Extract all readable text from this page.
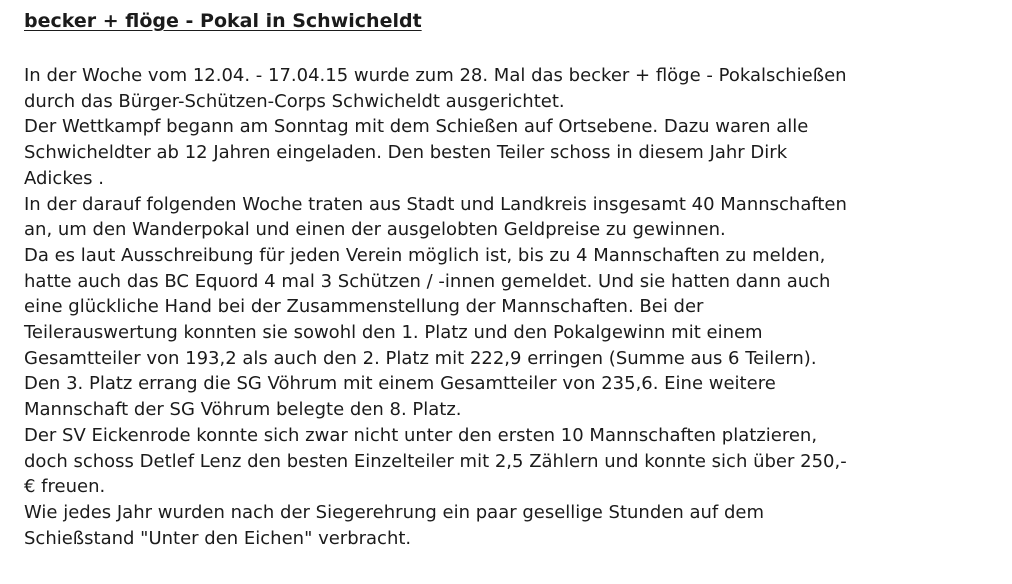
becker + flöge - Pokal in Schwicheldt
In der Woche vom 12.04. - 17.04.15 wurde zum 28. Mal das becker + flöge - Pokalschießen
durch das Bürger-Schützen-Corps Schwicheldt ausgerichtet.
Der Wettkampf begann am Sonntag mit dem Schießen auf Ortsebene. Dazu waren alle
Schwicheldter ab 12 Jahren eingeladen. Den besten Teiler schoss in diesem Jahr Dirk
Adickes .
In der darauf folgenden Woche traten aus Stadt und Landkreis insgesamt 40 Mannschaften
an, um den Wanderpokal und einen der ausgelobten Geldpreise zu gewinnen.
Da es laut Ausschreibung für jeden Verein möglich ist, bis zu 4 Mannschaften zu melden,
hatte auch das BC Equord 4 mal 3 Schützen / -innen gemeldet. Und sie hatten dann auch
eine glückliche Hand bei der Zusammenstellung der Mannschaften. Bei der
Teilerauswertung konnten sie sowohl den 1. Platz und den Pokalgewinn mit einem
Gesamtteiler von 193,2 als auch den 2. Platz mit 222,9 erringen (Summe aus 6 Teilern).
Den 3. Platz errang die SG Vöhrum mit einem Gesamtteiler von 235,6. Eine weitere
Mannschaft der SG Vöhrum belegte den 8. Platz.
Der SV Eickenrode konnte sich zwar nicht unter den ersten 10 Mannschaften platzieren,
doch schoss Detlef Lenz den besten Einzelteiler mit 2,5 Zählern und konnte sich über 250,-
€ freuen.
Wie jedes Jahr wurden nach der Siegerehrung ein paar gesellige Stunden auf dem
Schießstand "Unter den Eichen" verbracht.
